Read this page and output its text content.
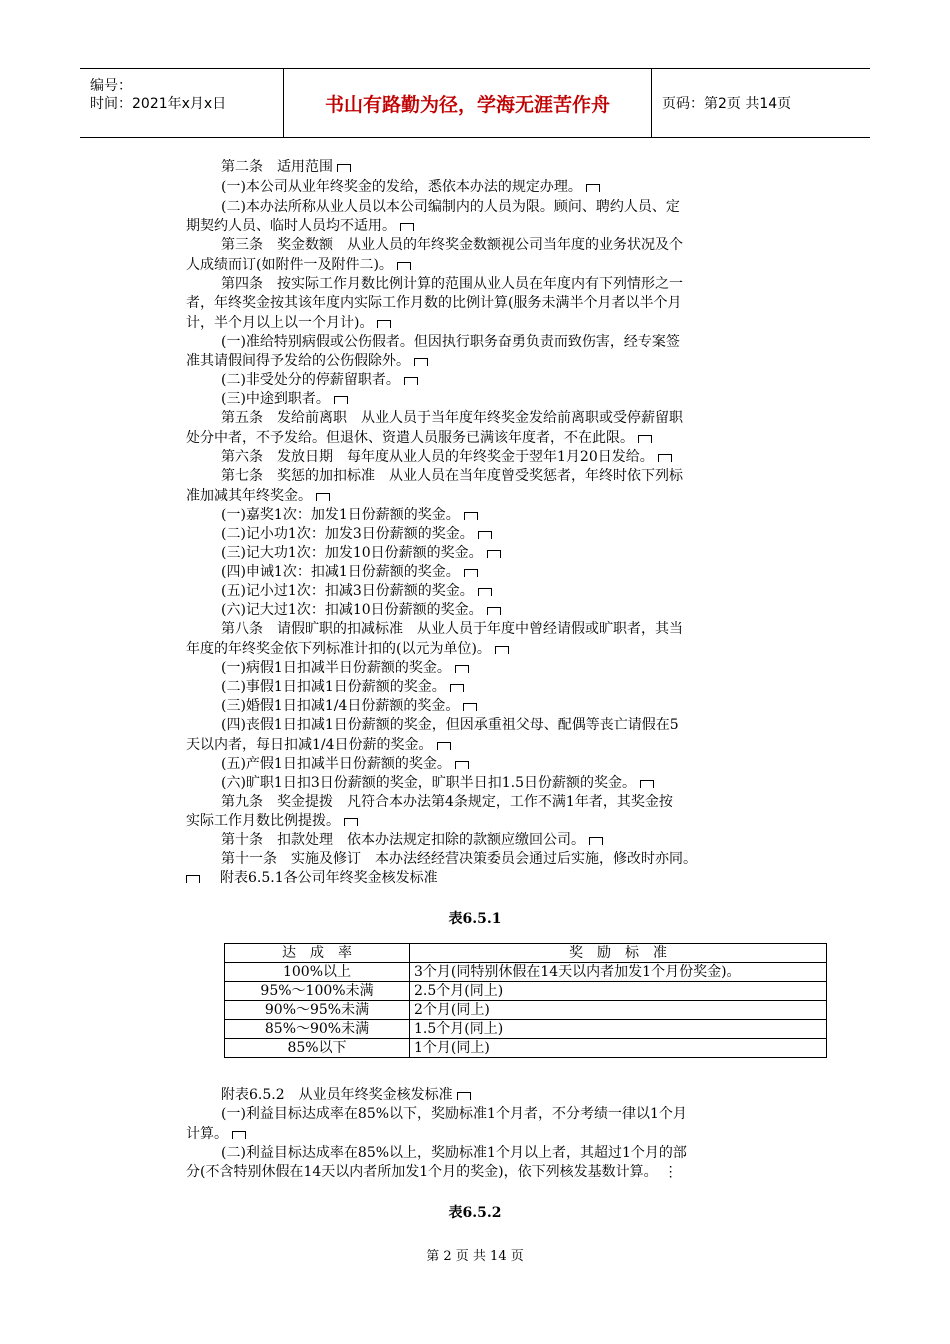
编号：
时间：2021年x月x日	书山有路勤为径，学海无涯苦作舟	页码：第2页 共14页
第二条　适用范围
(一)本公司从业年终奖金的发给，悉依本办法的规定办理。
(二)本办法所称从业人员以本公司编制内的人员为限。顾问、聘约人员、定
期契约人员、临时人员均不适用。
第三条　奖金数额　从业人员的年终奖金数额视公司当年度的业务状况及个
人成绩而订(如附件一及附件二)。
第四条　按实际工作月数比例计算的范围从业人员在年度内有下列情形之一
者，年终奖金按其该年度内实际工作月数的比例计算(服务未满半个月者以半个月
计，半个月以上以一个月计)。
(一)准给特别病假或公伤假者。但因执行职务奋勇负责而致伤害，经专案签
准其请假间得予发给的公伤假除外。
(二)非受处分的停薪留职者。
(三)中途到职者。
第五条　发给前离职　从业人员于当年度年终奖金发给前离职或受停薪留职
处分中者，不予发给。但退休、资遣人员服务已满该年度者，不在此限。
第六条　发放日期　每年度从业人员的年终奖金于翌年1月20日发给。
第七条　奖惩的加扣标准　从业人员在当年度曾受奖惩者，年终时依下列标
准加减其年终奖金。
(一)嘉奖1次：加发1日份薪额的奖金。
(二)记小功1次：加发3日份薪额的奖金。
(三)记大功1次：加发10日份薪额的奖金。
(四)申诫1次：扣减1日份薪额的奖金。
(五)记小过1次：扣减3日份薪额的奖金。
(六)记大过1次：扣减10日份薪额的奖金。
第八条　请假旷职的扣减标准　从业人员于年度中曾经请假或旷职者，其当
年度的年终奖金依下列标准计扣的(以元为单位)。
(一)病假1日扣减半日份薪额的奖金。
(二)事假1日扣减1日份薪额的奖金。
(三)婚假1日扣减1/4日份薪额的奖金。
(四)丧假1日扣减1日份薪额的奖金，但因承重祖父母、配偶等丧亡请假在5
天以内者，每日扣减1/4日份薪的奖金。
(五)产假1日扣减半日份薪额的奖金。
(六)旷职1日扣3日份薪额的奖金，旷职半日扣1.5日份薪额的奖金。
第九条　奖金提拨　凡符合本办法第4条规定，工作不满1年者，其奖金按
实际工作月数比例提拨。
第十条　扣款处理　依本办法规定扣除的款额应缴回公司。
第十一条　实施及修订　本办法经经营决策委员会通过后实施，修改时亦同。
附表6.5.1各公司年终奖金核发标准
表6.5.1
达　成　率	奖　励　标　准
100%以上	3个月(同特别休假在14天以内者加发1个月份奖金)。
95%～100%未满	2.5个月(同上)
90%～95%未满	2个月(同上)
85%～90%未满	1.5个月(同上)
85%以下	1个月(同上)
附表6.5.2　从业员年终奖金核发标准
(一)利益目标达成率在85%以下，奖励标准1个月者，不分考绩一律以1个月
计算。
(二)利益目标达成率在85%以上，奖励标准1个月以上者，其超过1个月的部
分(不含特别休假在14天以内者所加发1个月的奖金)，依下列核发基数计算。 ⋮
表6.5.2
第 2 页 共 14 页
